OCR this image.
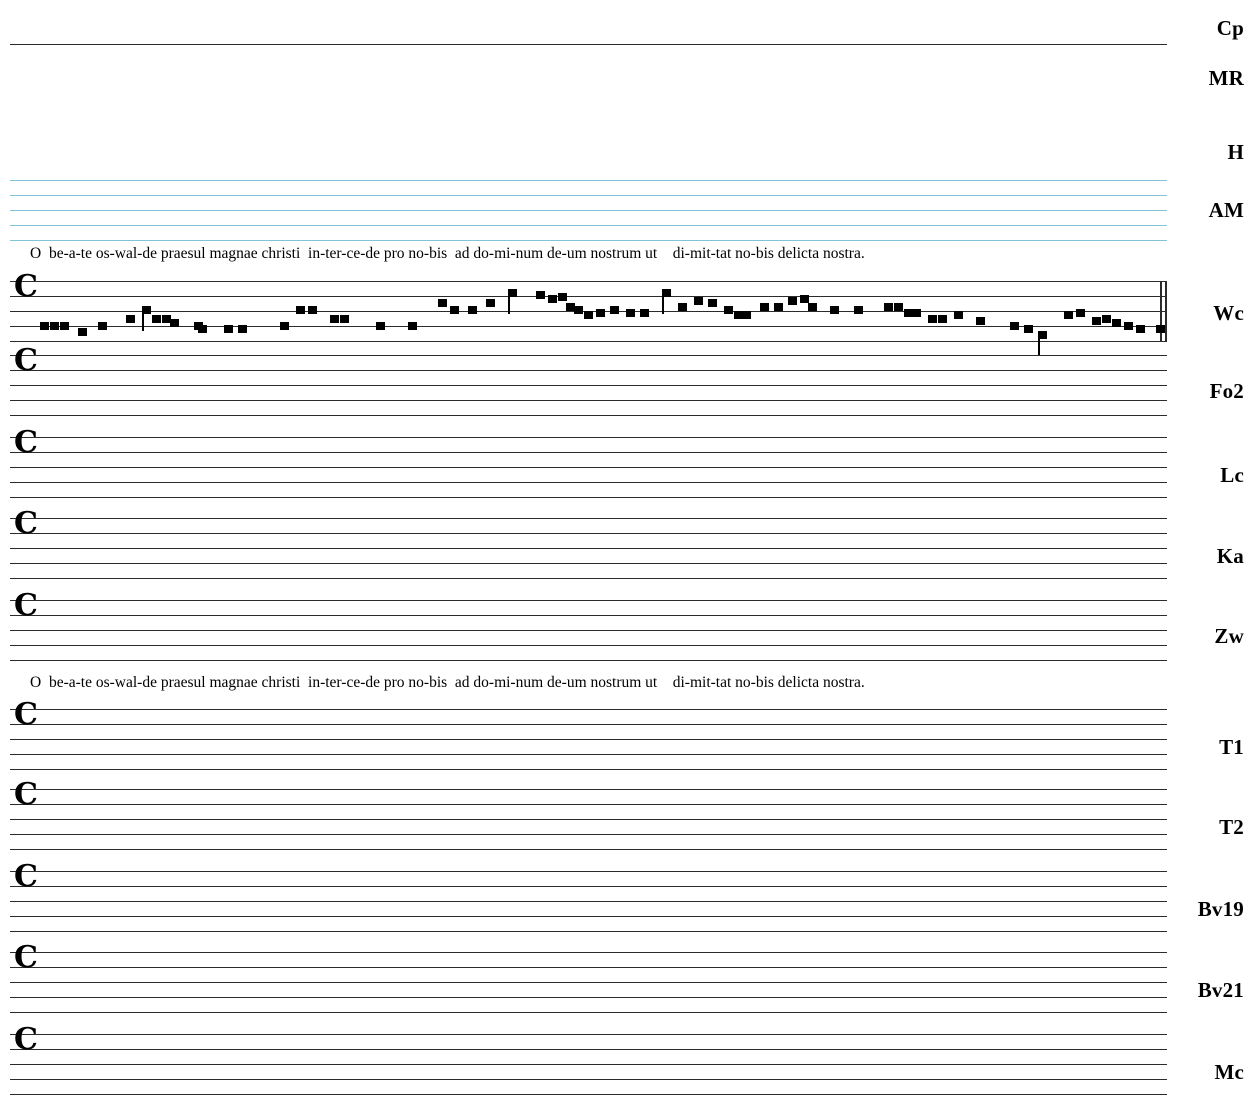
Cp
MR
H
AM
O  be-a-te os-wal-de praesul magnae christi  in-ter-ce-de pro no-bis  ad do-mi-num de-um nostrum ut    di-mit-tat no-bis delicta nostra.
C
Wc
C
Fo2
C
Lc
C
Ka
C
Zw
O  be-a-te os-wal-de praesul magnae christi  in-ter-ce-de pro no-bis  ad do-mi-num de-um nostrum ut    di-mit-tat no-bis delicta nostra.
C
T1
C
T2
C
Bv19
C
Bv21
C
Mc
